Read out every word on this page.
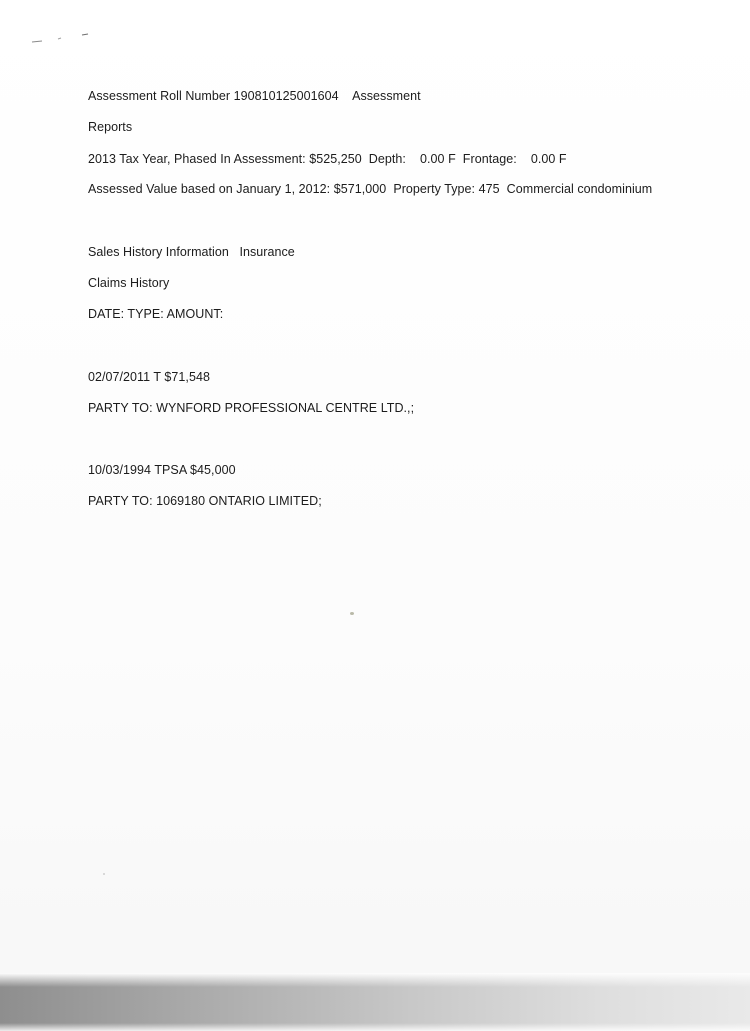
Assessment Roll Number 190810125001604    Assessment
Reports
2013 Tax Year, Phased In Assessment: $525,250  Depth:    0.00 F  Frontage:    0.00 F
Assessed Value based on January 1, 2012: $571,000  Property Type: 475  Commercial condominium
Sales History Information   Insurance
Claims History
DATE: TYPE: AMOUNT:
02/07/2011 T $71,548
PARTY TO: WYNFORD PROFESSIONAL CENTRE LTD.,;
10/03/1994 TPSA $45,000
PARTY TO: 1069180 ONTARIO LIMITED;
